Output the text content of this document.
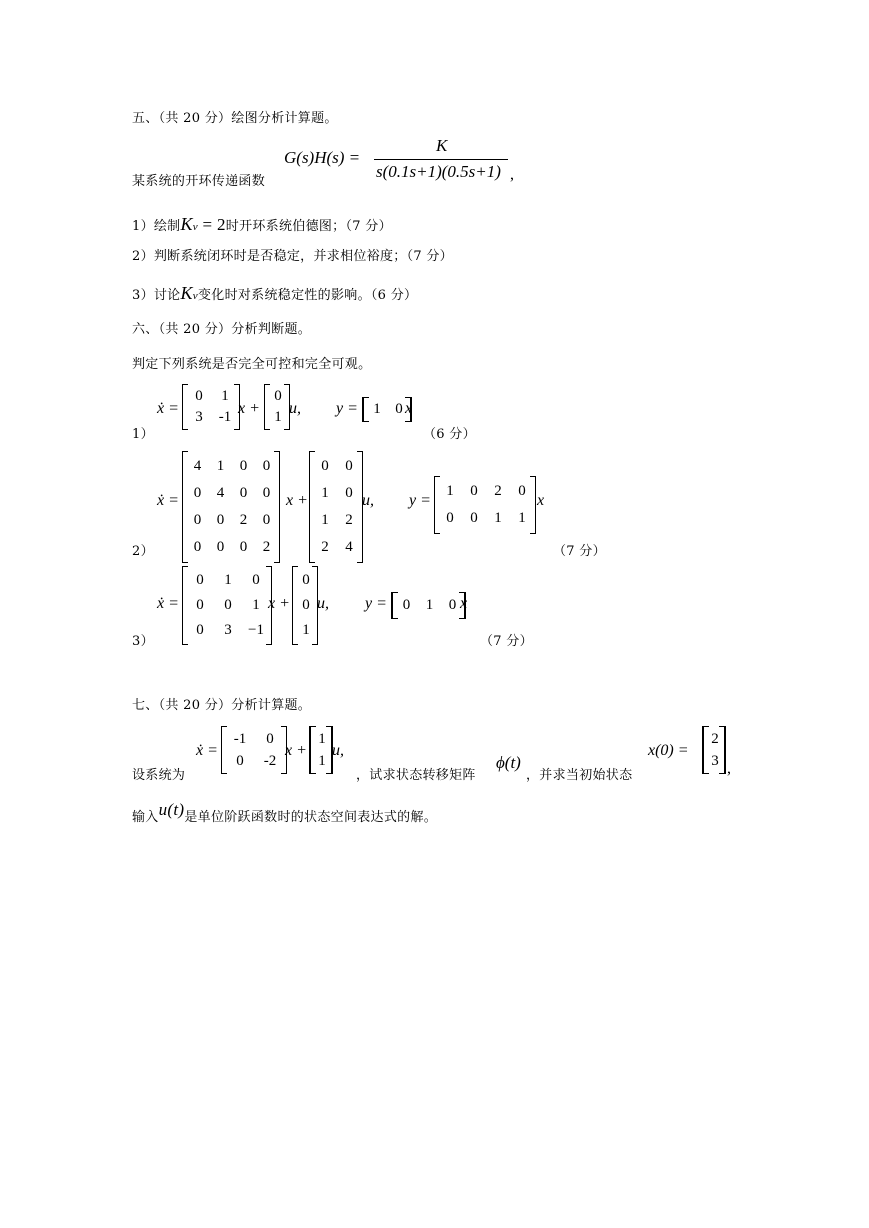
五、（共 20 分）绘图分析计算题。
G(s)H(s) =
K
s(0.1s+1)(0.5s+1) ,
某系统的开环传递函数
1）绘制Kv = 2时开环系统伯德图；（7 分）
2）判断系统闭环时是否稳定，并求相位裕度；（7 分）
3）讨论Kv变化时对系统稳定性的影响。（6 分）
六、（共 20 分）分析判断题。
判定下列系统是否完全可控和完全可观。
1）
ẋ =
0	1
3	-1 x +
0
1 u, y =	1 0 x
（6 分）
2）
ẋ =
4	1	0	0
0	4	0	0
0	0	2	0
0	0	0	2
x +
0	0
1	0
1	2
2	4
u, y =
1	0	2	0
0	0	1	1
x
（7 分）
3）
ẋ =
0	1	0
0	0	1
0	3	−1
x +
0
0
1
u, y =	0	1	0 x
（7 分）
七、（共 20 分）分析计算题。
设系统为
ẋ =
-1	0
0	-2
x +
1
1
u,
，试求状态转移矩阵
ϕ(t)
，并求当初始状态
x(0) =
2
3 ,
输入u(t)是单位阶跃函数时的状态空间表达式的解。
